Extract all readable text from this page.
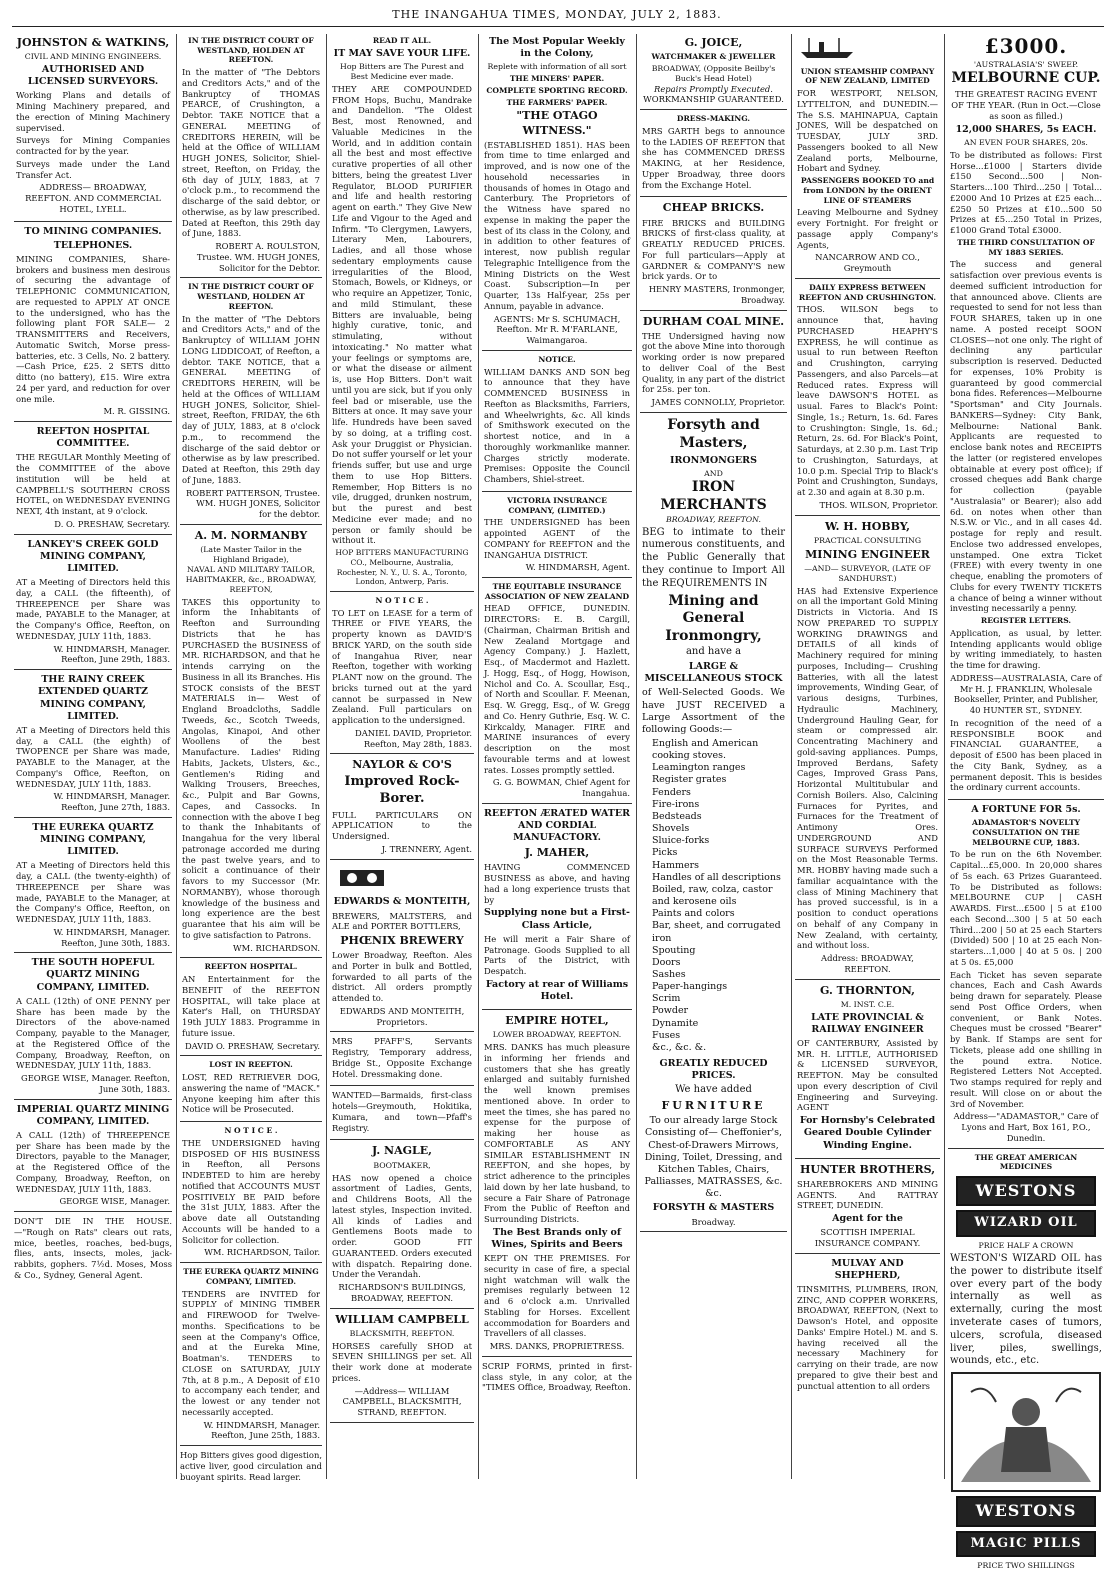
THE INANGAHUA TIMES, MONDAY, JULY 2, 1883.
JOHNSTON & WATKINS,
CIVIL AND MINING ENGINEERS.
AUTHORISED AND LICENSED SURVEYORS.

Working Plans and details of Mining Machinery prepared, and the erection of Mining Machinery supervised.

Surveys for Mining Companies contracted for by the year.

Surveys made under the Land Transfer Act.

ADDRESS— BROADWAY, REEFTON. AND COMMERCIAL HOTEL, LYELL.

TO MINING COMPANIES.
TELEPHONES.

MINING COMPANIES, Share-brokers and business men desirous of securing the advantage of TELEPHONIC COMMUNICATION, are requested to APPLY AT ONCE to the undersigned, who has the following plant FOR SALE— 2 TRANSMITTERS and Receivers, Automatic Switch, Morse press-batteries, etc. 3 Cells, No. 2 battery.—Cash Price, £25. 2 SETS ditto ditto (no battery), £15. Wire extra 24 per yard, and reduction for over one mile.

M. R. GISSING.
REEFTON HOSPITAL COMMITTEE.

THE REGULAR Monthly Meeting of the COMMITTEE of the above institution will be held at CAMPBELL'S SOUTHERN CROSS HOTEL, on WEDNESDAY EVENING NEXT, 4th instant, at 9 o'clock.

D. O. PRESHAW, Secretary.
LANKEY'S CREEK GOLD MINING COMPANY, LIMITED.

AT a Meeting of Directors held this day, a CALL (the fifteenth), of THREEPENCE per Share was made, PAYABLE to the Manager, at the Company's Office, Reefton, on WEDNESDAY, JULY 11th, 1883.

W. HINDMARSH, Manager. Reefton, June 29th, 1883.
THE RAINY CREEK EXTENDED QUARTZ MINING COMPANY, LIMITED.

AT a Meeting of Directors held this day, a CALL (the eighth) of TWOPENCE per Share was made, PAYABLE to the Manager, at the Company's Office, Reefton, on WEDNESDAY, JULY 11th, 1883.

W. HINDMARSH, Manager. Reefton, June 27th, 1883.
THE EUREKA QUARTZ MINING COMPANY, LIMITED.

AT a Meeting of Directors held this day, a CALL (the twenty-eighth) of THREEPENCE per Share was made, PAYABLE to the Manager, at the Company's Office, Reefton, on WEDNESDAY, JULY 11th, 1883.

W. HINDMARSH, Manager. Reefton, June 30th, 1883.
THE SOUTH HOPEFUL QUARTZ MINING COMPANY, LIMITED.

A CALL (12th) of ONE PENNY per Share has been made by the Directors of the above-named Company, payable to the Manager, at the Registered Office of the Company, Broadway, Reefton, on WEDNESDAY, JULY 11th, 1883.

GEORGE WISE, Manager. Reefton, June 30th, 1883.
IMPERIAL QUARTZ MINING COMPANY, LIMITED.

A CALL (12th) of THREEPENCE per Share has been made by the Directors, payable to the Manager, at the Registered Office of the Company, Broadway, Reefton, on WEDNESDAY, JULY 11th, 1883.

GEORGE WISE, Manager.

DON'T DIE IN THE HOUSE.—"Rough on Rats" clears out rats, mice, beetles, roaches, bed-bugs, flies, ants, insects, moles, jack-rabbits, gophers. 7½d. Moses, Moss & Co., Sydney, General Agent.

IN THE DISTRICT COURT OF WESTLAND, HOLDEN AT REEFTON.

In the matter of "The Debtors and Creditors Acts," and of the Bankruptcy of THOMAS PEARCE, of Crushington, a Debtor. TAKE NOTICE that a GENERAL MEETING of CREDITORS HEREIN, will be held at the Office of WILLIAM HUGH JONES, Solicitor, Shiel-street, Reefton, on Friday, the 6th day of JULY, 1883, at 7 o'clock p.m., to recommend the discharge of the said debtor, or otherwise, as by law prescribed. Dated at Reefton, this 29th day of June, 1883.

ROBERT A. ROULSTON, Trustee. WM. HUGH JONES, Solicitor for the Debtor.
IN THE DISTRICT COURT OF WESTLAND, HOLDEN AT REEFTON.

In the matter of "The Debtors and Creditors Acts," and of the Bankruptcy of WILLIAM JOHN LONG LIDDICOAT, of Reefton, a debtor. TAKE NOTICE, that a GENERAL MEETING of CREDITORS HEREIN, will be held at the Offices of WILLIAM HUGH JONES, Solicitor, Shiel-street, Reefton, FRIDAY, the 6th day of JULY, 1883, at 8 o'clock p.m., to recommend the discharge of the said debtor or otherwise as by law prescribed. Dated at Reefton, this 29th day of June, 1883.

ROBERT PATTERSON, Trustee. WM. HUGH JONES, Solicitor for the debtor.
A. M. NORMANBY
(Late Master Tailor in the Highland Brigade),
NAVAL AND MILITARY TAILOR, HABITMAKER, &c., BROADWAY, REEFTON,

TAKES this opportunity to inform the Inhabitants of Reefton and Surrounding Districts that he has PURCHASED the BUSINESS of MR. RICHARDSON, and that he intends carrying on the Business in all its Branches. His STOCK consists of the BEST MATERIALS in— West of England Broadcloths, Saddle Tweeds, &c., Scotch Tweeds, Angolas, Kinapoi, And other Woollens of the best Manufacture. Ladies' Riding Habits, Jackets, Ulsters, &c., Gentlemen's Riding and Walking Trousers, Breeches, &c., Pulpit and Bar Gowns, Capes, and Cassocks. In connection with the above I beg to thank the Inhabitants of Inangahua for the very liberal patronage accorded me during the past twelve years, and to solicit a continuance of their favors to my Successor (Mr. NORMANBY), whose thorough knowledge of the business and long experience are the best guarantee that his aim will be to give satisfaction to Patrons.

WM. RICHARDSON.
REEFTON HOSPITAL.

AN Entertainment for the BENEFIT of the REEFTON HOSPITAL, will take place at Kater's Hall, on THURSDAY 19th JULY 1883. Programme in future issue.

DAVID O. PRESHAW, Secretary.
LOST IN REEFTON.

LOST, RED RETRIEVER DOG, answering the name of "MACK." Anyone keeping him after this Notice will be Prosecuted.

N O T I C E .

THE UNDERSIGNED having DISPOSED OF HIS BUSINESS in Reefton, all Persons INDEBTED to him are hereby notified that ACCOUNTS MUST POSITIVELY BE PAID before the 31st JULY, 1883. After the above date all Outstanding Accounts will be handed to a Solicitor for collection.

WM. RICHARDSON, Tailor.
THE EUREKA QUARTZ MINING COMPANY, LIMITED.

TENDERS are INVITED for SUPPLY of MINING TIMBER and FIREWOOD for Twelve-months. Specifications to be seen at the Company's Office, and at the Eureka Mine, Boatman's. TENDERS to CLOSE on SATURDAY, JULY 7th, at 8 p.m., A Deposit of £10 to accompany each tender, and the lowest or any tender not necessarily accepted.

W. HINDMARSH, Manager. Reefton, June 25th, 1883.

Hop Bitters gives good digestion, active liver, good circulation and buoyant spirits. Read larger.

READ IT ALL.
IT MAY SAVE YOUR LIFE.
Hop Bitters are The Purest and Best Medicine ever made.

THEY ARE COMPOUNDED FROM Hops, Buchu, Mandrake and Dandelion. "The Oldest Best, most Renowned, and Valuable Medicines in the World, and in addition contain all the best and most effective curative properties of all other bitters, being the greatest Liver Regulator, BLOOD PURIFIER and life and health restoring agent on earth." They Give New Life and Vigour to the Aged and Infirm. "To Clergymen, Lawyers, Literary Men, Labourers, Ladies, and all those whose sedentary employments cause irregularities of the Blood, Stomach, Bowels, or Kidneys, or who require an Appetizer, Tonic, and mild Stimulant, these Bitters are invaluable, being highly curative, tonic, and stimulating, without intoxicating." No matter what your feelings or symptoms are, or what the disease or ailment is, use Hop Bitters. Don't wait until you are sick, but if you only feel bad or miserable, use the Bitters at once. It may save your life. Hundreds have been saved by so doing, at a trifling cost. Ask your Druggist or Physician. Do not suffer yourself or let your friends suffer, but use and urge them to use Hop Bitters. Remember, Hop Bitters is no vile, drugged, drunken nostrum, but the purest and best Medicine ever made; and no person or family should be without it.

HOP BITTERS MANUFACTURING CO., Melbourne, Australia, Rochester, N. Y., U. S. A., Toronto, London, Antwerp, Paris.
N O T I C E .

TO LET on LEASE for a term of THREE or FIVE YEARS, the property known as DAVID'S BRICK YARD, on the south side of Inangahua River, near Reefton, together with working PLANT now on the ground. The bricks turned out at the yard cannot be surpassed in New Zealand. Full particulars on application to the undersigned.

DANIEL DAVID, Proprietor. Reefton, May 28th, 1883.
NAYLOR & CO'S
Improved Rock-Borer.

FULL PARTICULARS ON APPLICATION to the Undersigned.

J. TRENNERY, Agent.
EDWARDS & MONTEITH,

BREWERS, MALTSTERS, and ALE and PORTER BOTTLERS,

PHŒNIX BREWERY

Lower Broadway, Reefton. Ales and Porter in bulk and Bottled, forwarded to all parts of the district. All orders promptly attended to.

EDWARDS AND MONTEITH, Proprietors.

MRS PFAFF'S, Servants Registry, Temporary address, Bridge St., Opposite Exchange Hotel. Dressmaking done.

WANTED—Barmaids, first-class hotels—Greymouth, Hokitika, Kumara, and town—Pfaff's Registry.

J. NAGLE,
BOOTMAKER,

HAS now opened a choice assortment of Ladies, Gents, and Childrens Boots, All the latest styles, Inspection invited. All kinds of Ladies and Gentlemens Boots made to order. GOOD FIT GUARANTEED. Orders executed with dispatch. Repairing done. Under the Verandah.

RICHARDSON'S BUILDINGS, BROADWAY, REEFTON.
WILLIAM CAMPBELL
BLACKSMITH, REEFTON.

HORSES carefully SHOD at SEVEN SHILLINGS per set. All their work done at moderate prices.

—Address— WILLIAM CAMPBELL, BLACKSMITH, STRAND, REEFTON.
The Most Popular Weekly in the Colony,
Replete with information of all sort
THE MINERS' PAPER.
COMPLETE SPORTING RECORD.
THE FARMERS' PAPER.
"THE OTAGO WITNESS."

(ESTABLISHED 1851). HAS been from time to time enlarged and improved, and is now one of the household necessaries in thousands of homes in Otago and Canterbury. The Proprietors of the Witness have spared no expense in making the paper the best of its class in the Colony, and in addition to other features of interest, now publish regular Telegraphic Intelligence from the Mining Districts on the West Coast. Subscription—In per Quarter, 13s Half-year, 25s per Annum, payable in advance.

AGENTS: Mr S. SCHUMACH, Reefton. Mr R. M'FARLANE, Waimangaroa.
NOTICE.

WILLIAM DANKS AND SON beg to announce that they have COMMENCED BUSINESS in Reefton as Blacksmiths, Farriers, and Wheelwrights, &c. All kinds of Smithswork executed on the shortest notice, and in a thoroughly workmanlike manner. Charges strictly moderate. Premises: Opposite the Council Chambers, Shiel-street.

VICTORIA INSURANCE COMPANY, (LIMITED.)

THE UNDERSIGNED has been appointed AGENT of the COMPANY for REEFTON and the INANGAHUA DISTRICT.

W. HINDMARSH, Agent.
THE EQUITABLE INSURANCE ASSOCIATION OF NEW ZEALAND

HEAD OFFICE, DUNEDIN. DIRECTORS: E. B. Cargill, (Chairman, Chairman British and New Zealand Mortgage and Agency Company.) J. Hazlett, Esq., of Macdermot and Hazlett. J. Hogg, Esq., of Hogg, Howison, Nichol and Co. A. Scoullar, Esq., of North and Scoullar. F. Meenan, Esq. W. Gregg, Esq., of W. Gregg and Co. Henry Guthrie, Esq. W. C. Kirkcaldy, Manager. FIRE and MARINE insurances of every description on the most favourable terms and at lowest rates. Losses promptly settled.

G. G. BOWMAN, Chief Agent for Inangahua.
REEFTON ÆRATED WATER AND CORDIAL MANUFACTORY.
J. MAHER,

HAVING COMMENCED BUSINESS as above, and having had a long experience trusts that by

Supplying none but a First-Class Article,

He will merit a Fair Share of Patronage. Goods Supplied to all Parts of the District, with Despatch.

Factory at rear of Williams Hotel.
EMPIRE HOTEL,
LOWER BROADWAY, REEFTON.

MRS. DANKS has much pleasure in informing her friends and customers that she has greatly enlarged and suitably furnished the well known premises mentioned above. In order to meet the times, she has pared no expense for the purpose of making her house as COMFORTABLE AS ANY SIMILAR ESTABLISHMENT IN REEFTON, and she hopes, by strict adherence to the principles laid down by her late husband, to secure a Fair Share of Patronage From the Public of Reefton and Surrounding Districts.

The Best Brands only of Wines, Spirits and Beers

KEPT ON THE PREMISES. For security in case of fire, a special night watchman will walk the premises regularly between 12 and 6 o'clock a.m. Unrivalled Stabling for Horses. Excellent accommodation for Boarders and Travellers of all classes.

MRS. DANKS, PROPRIETRESS.

SCRIP FORMS, printed in first-class style, in any color, at the "TIMES Office, Broadway, Reefton.

G. JOICE,
WATCHMAKER & JEWELLER
BROADWAY, (Opposite Beilby's Buck's Head Hotel)
Repairs Promptly Executed.
WORKMANSHIP GUARANTEED.
DRESS-MAKING.

MRS GARTH begs to announce to the LADIES OF REEFTON that she has COMMENCED DRESS MAKING, at her Residence, Upper Broadway, three doors from the Exchange Hotel.

CHEAP BRICKS.

FIRE BRICKS and BUILDING BRICKS of first-class quality, at GREATLY REDUCED PRICES. For full particulars—Apply at GARDNER & COMPANY'S new brick yards. Or to

HENRY MASTERS, Ironmonger, Broadway.
DURHAM COAL MINE.

THE Undersigned having now got the above Mine into thorough working order is now prepared to deliver Coal of the Best Quality, in any part of the district for 25s. per ton.

JAMES CONNOLLY, Proprietor.
Forsyth and Masters,
IRONMONGERS
AND
IRON MERCHANTS
BROADWAY, REEFTON.

BEG to intimate to their numerous constituents, and the Public Generally that they continue to Import All the REQUIREMENTS IN

Mining and General Ironmongry,
and have a
LARGE & MISCELLANEOUS STOCK

of Well-Selected Goods. We have JUST RECEIVED a Large Assortment of the following Goods:—

English and American cooking stoves.
Leamington ranges
Register grates
Fenders
Fire-irons
Bedsteads
Shovels
Sluice-forks
Picks
Hammers
Handles of all descriptions
Boiled, raw, colza, castor and kerosene oils
Paints and colors
Bar, sheet, and corrugated iron
Spouting
Doors
Sashes
Paper-hangings
Scrim
Powder
Dynamite
Fuses
&c., &c. &.
GREATLY REDUCED PRICES.
We have added
FURNITURE

To our already large Stock Consisting of— Cheffonier's, Chest-of-Drawers Mirrows, Dining, Toilet, Dressing, and Kitchen Tables, Chairs, Palliasses, MATRASSES, &c. &c.

FORSYTH & MASTERS
Broadway.
UNION STEAMSHIP COMPANY OF NEW ZEALAND, LIMITED

FOR WESTPORT, NELSON, LYTTELTON, and DUNEDIN.— The S.S. MAHINAPUA, Captain JONES, Will be despatched on TUESDAY, JULY 3RD. Passengers booked to all New Zealand ports, Melbourne, Hobart and Sydney.

PASSENGERS BOOKED TO and from LONDON by the ORIENT LINE OF STEAMERS

Leaving Melbourne and Sydney every Fortnight. For freight or passage apply Company's Agents,

NANCARROW AND CO., Greymouth
DAILY EXPRESS BETWEEN REEFTON AND CRUSHINGTON.

THOS. WILSON begs to announce that, having PURCHASED HEAPHY'S EXPRESS, he will continue as usual to run between Reefton and Crushington, carrying Passengers, and also Parcels—at Reduced rates. Express will leave DAWSON'S HOTEL as usual. Fares to Black's Point: Single, 1s.; Return, 1s. 6d. Fares to Crushington: Single, 1s. 6d.; Return, 2s. 6d. For Black's Point, Saturdays, at 2.30 p.m. Last Trip to Crushington, Saturdays, at 10.0 p.m. Special Trip to Black's Point and Crushington, Sundays, at 2.30 and again at 8.30 p.m.

THOS. WILSON, Proprietor.
W. H. HOBBY,
PRACTICAL CONSULTING
MINING ENGINEER
—AND— SURVEYOR, (LATE OF SANDHURST.)

HAS had Extensive Experience on all the important Gold Mining Districts in Victoria. And IS NOW PREPARED TO SUPPLY WORKING DRAWINGS and DETAILS of all kinds of Machinery required for mining purposes, Including— Crushing Batteries, with all the latest improvements, Winding Gear, of various designs, Turbines, Hydraulic Machinery, Underground Hauling Gear, for steam or compressed air. Concentrating Machinery and gold-saving appliances. Pumps, Improved Berdans, Safety Cages, Improved Grass Pans, Horizontal Multitubular and Cornish Boilers. Also, Calcining Furnaces for Pyrites, and Furnaces for the Treatment of Antimony Ores. UNDERGROUND AND SURFACE SURVEYS Performed on the Most Reasonable Terms. MR. HOBBY having made such a familiar acquaintance with the class of Mining Machinery that has proved successful, is in a position to conduct operations on behalf of any Company in New Zealand, with certainty, and without loss.

Address: BROADWAY, REEFTON.
G. THORNTON,
M. INST. C.E.
LATE PROVINCIAL & RAILWAY ENGINEER

OF CANTERBURY, Assisted by MR. H. LITTLE, AUTHORISED & LICENSED SURVEYOR, REEFTON. May be consulted upon every description of Civil Engineering and Surveying. AGENT

For Hornsby's Celebrated Geared Double Cylinder Winding Engine.
HUNTER BROTHERS,

SHAREBROKERS AND MINING AGENTS. And RATTRAY STREET, DUNEDIN.

Agent for the
SCOTTISH IMPERIAL INSURANCE COMPANY.
MULVAY AND SHEPHERD,

TINSMITHS, PLUMBERS, IRON, ZINC, AND COPPER WORKERS, BROADWAY, REEFTON, (Next to Dawson's Hotel, and opposite Danks' Empire Hotel.) M. and S. having received all the necessary Machinery for carrying on their trade, are now prepared to give their best and punctual attention to all orders

£3000.
'AUSTRALASIA'S' SWEEP.
MELBOURNE CUP.

THE GREATEST RACING EVENT OF THE YEAR. (Run in Oct.—Close as soon as filled.)

12,000 SHARES, 5s EACH.
AN EVEN FOUR SHARES, 20s.

To be distributed as follows: First Horse...£1000 | Starters divide £150 Second...500 | Non-Starters...100 Third...250 | Total...£2000 And 10 Prizes at £25 each...£250 50 Prizes at £10...500 50 Prizes at £5...250 Total in Prizes, £1000 Grand Total £3000.

THE THIRD CONSULTATION OF MY 1883 SERIES.

The success and general satisfaction over previous events is deemed sufficient introduction for that announced above. Clients are requested to send for not less than FOUR SHARES, taken up in one name. A posted receipt SOON CLOSES—not one only. The right of declining any particular subscription is reserved. Deducted for expenses, 10% Probity is guaranteed by good commercial bona fides. References—Melbourne "Sportsman" and City Journals. BANKERS—Sydney: City Bank, Melbourne: National Bank. Applicants are requested to enclose bank notes and RECEIPTS the latter (or registered envelopes obtainable at every post office); if crossed cheques add Bank charge for collection (payable "Australasia" or Bearer); also add 6d. on notes when other than N.S.W. or Vic., and in all cases 4d. postage for reply and result. Enclose two addressed envelopes, unstamped. One extra Ticket (FREE) with every twenty in one cheque, enabling the promoters of Clubs for every TWENTY TICKETS a chance of being a winner without investing necessarily a penny.

REGISTER LETTERS.

Application, as usual, by letter. Intending applicants would oblige by writing immediately, to hasten the time for drawing.

ADDRESS—AUSTRALASIA, Care of Mr H. J. FRANKLIN, Wholesale Bookseller, Printer, and Publisher, 40 HUNTER ST., SYDNEY.

In recognition of the need of a RESPONSIBLE BOOK and FINANCIAL GUARANTEE, a deposit of £500 has been placed in the City Bank, Sydney, as a permanent deposit. This is besides the ordinary current accounts.

A FORTUNE FOR 5s.
ADAMASTOR'S NOVELTY CONSULTATION ON THE MELBOURNE CUP, 1883.

To be run on the 6th November. Capital...£5,000. In 20,000 shares of 5s each. 63 Prizes Guaranteed. To be Distributed as follows: MELBOURNE CUP | CASH AWARDS. First...£500 | 5 at £100 each Second...300 | 5 at 50 each Third...200 | 50 at 25 each Starters (Divided) 500 | 10 at 25 each Non-starters...1,000 | 40 at 5 0s. | 200 at 5 0s. £5,000

Each Ticket has seven separate chances, Each and Cash Awards being drawn for separately. Please send Post Office Orders, when convenient, or Bank Notes. Cheques must be crossed "Bearer" by Bank. If Stamps are sent for Tickets, please add one shilling in the pound extra. Notice. Registered Letters Not Accepted. Two stamps required for reply and result. Will close on or about the 3rd of November.

Address—"ADAMASTOR," Care of Lyons and Hart, Box 161, P.O., Dunedin.
THE GREAT AMERICAN MEDICINES
WESTONS
WIZARD OIL
PRICE HALF A CROWN

WESTON'S WIZARD OIL has the power to distribute itself over every part of the body internally as well as externally, curing the most inveterate cases of tumors, ulcers, scrofula, diseased liver, piles, swellings, wounds, etc., etc.

WESTONS
MAGIC PILLS
PRICE TWO SHILLINGS
